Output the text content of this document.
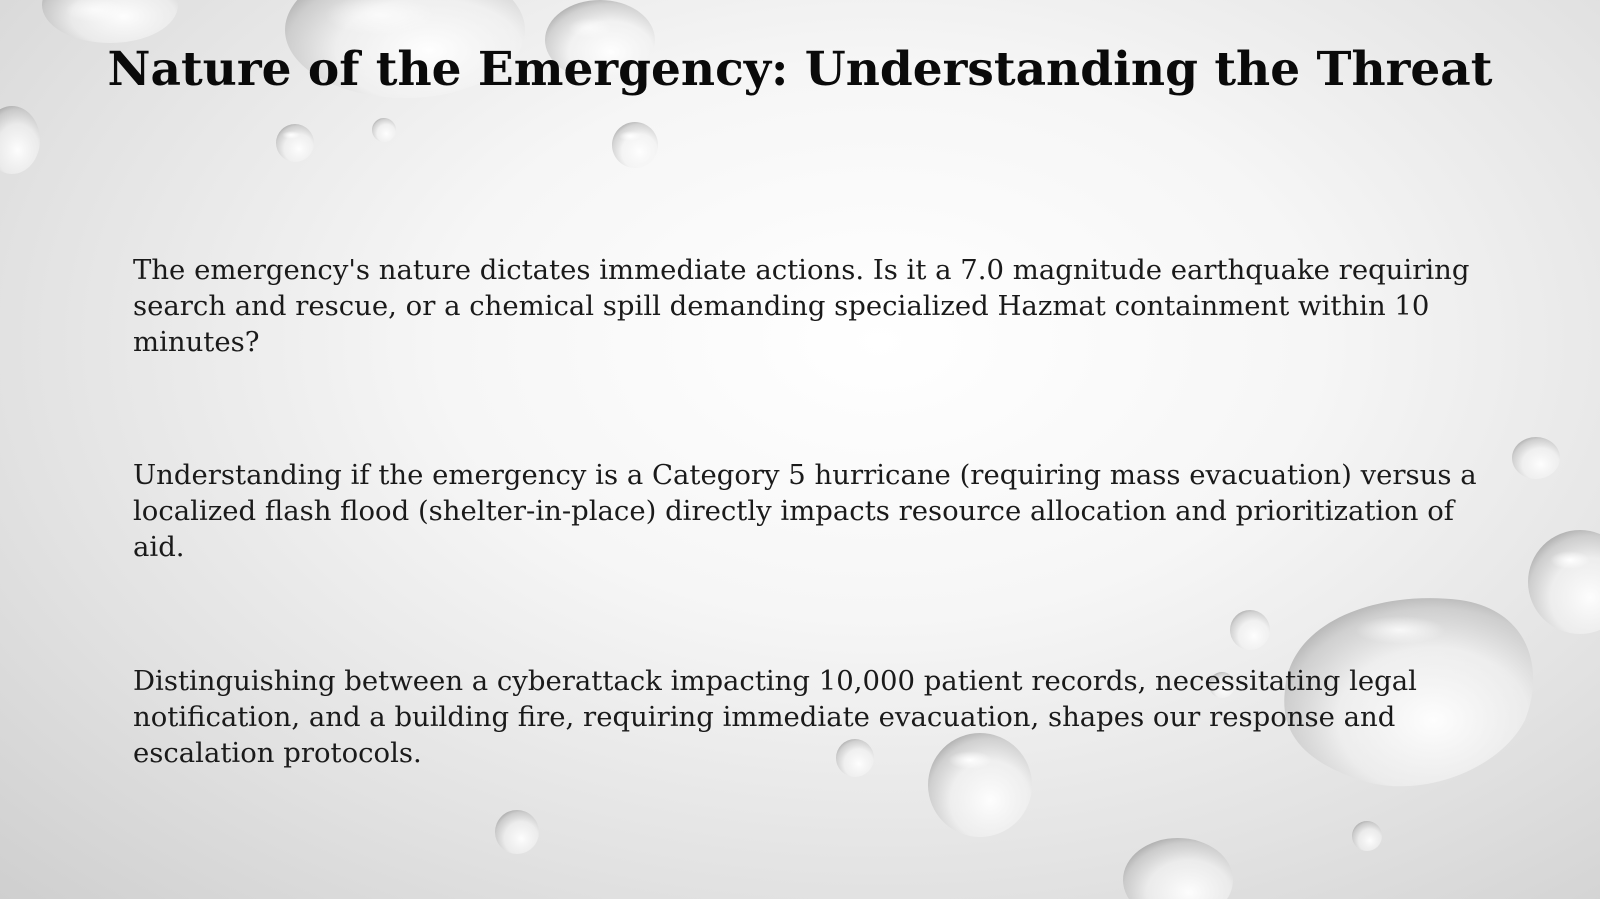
Nature of the Emergency: Understanding the Threat
The emergency's nature dictates immediate actions. Is it a 7.0 magnitude earthquake requiring search and rescue, or a chemical spill demanding specialized Hazmat containment within 10 minutes?
Understanding if the emergency is a Category 5 hurricane (requiring mass evacuation) versus a localized flash flood (shelter-in-place) directly impacts resource allocation and prioritization of aid.
Distinguishing between a cyberattack impacting 10,000 patient records, necessitating legal notification, and a building fire, requiring immediate evacuation, shapes our response and escalation protocols.
